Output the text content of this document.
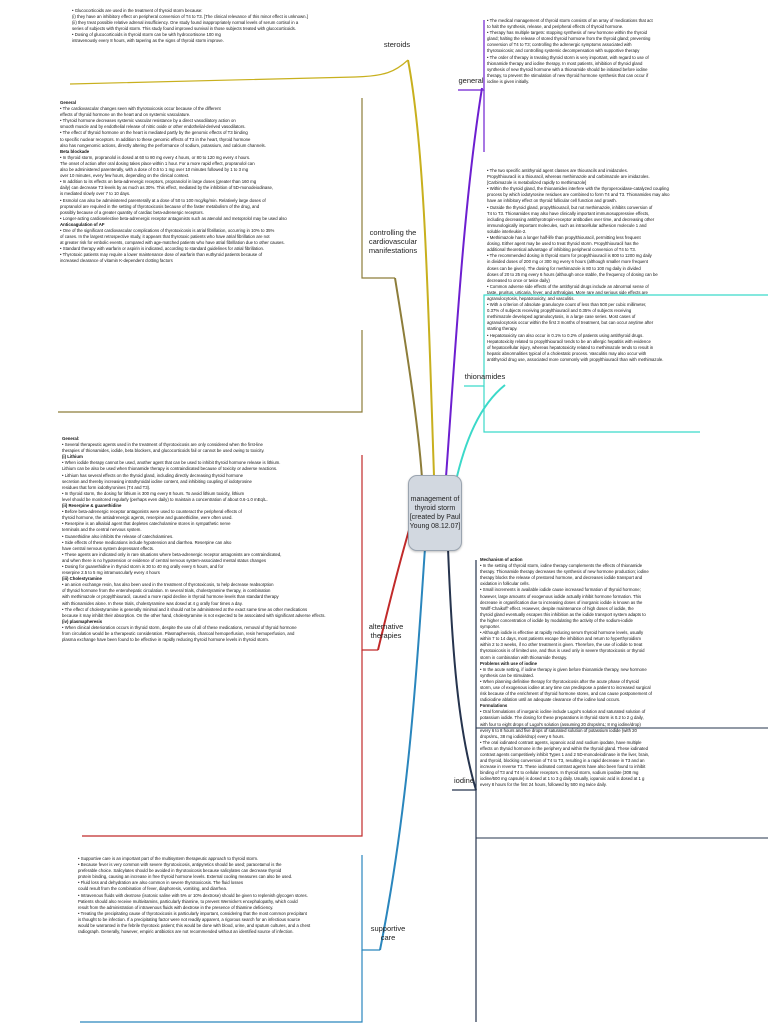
management of thyroid storm [created by Paul Young 08.12.07]
steroids
controlling the cardiovascular manifestations
alternative therapies
supportive care
general
thionamides
iodine

• Glucocorticoids are used in the treatment of thyroid storm because:

(i) they have an inhibitory effect on peripheral conversion of T4 to T3. [The clinical relevance of this minor effect is unknown.]

(ii) they treat possible relative adrenal insufficiency. One study found inappropriately normal levels of serum cortisol in a

series of subjects with thyroid storm. This study found improved survival in those subjects treated with glucocorticoids.

• Dosing of glucocorticoids in thyroid storm can be with hydrocortisone 100 mg

intravenously every 8 hours, with tapering as the signs of thyroid storm improve.

General

• The cardiovascular changes seen with thyrotoxicosis occur because of the different

effects of thyroid hormone on the heart and on systemic vasculature.

• Thyroid hormone decreases systemic vascular resistance by a direct vasodilatory action on

smooth muscle and by endothelial release of nitric oxide or other endothelial-derived vasodilators.

• The effect of thyroid hormone on the heart is mediated partly by the genomic effects of T3 binding

to specific nuclear receptors. In addition to these genomic effects of T3 in the heart, thyroid hormone

also has nongenomic actions, directly altering the performance of sodium, potassium, and calcium channels.

Beta blockade

• In thyroid storm, propranolol is dosed at 60 to 80 mg every 4 hours, or 80 to 120 mg every 4 hours.

The onset of action after oral dosing takes place within 1 hour. For a more rapid effect, propranolol can

also be administered parenterally, with a dose of 0.5 to 1 mg over 10 minutes followed by 1 to 3 mg

over 10 minutes, every few hours, depending on the clinical context.

• In addition to its effects on beta-adrenergic receptors, propranolol in large doses (greater than 160 mg

daily) can decrease T3 levels by as much as 30%. This effect, mediated by the inhibition of 5D-monodeiodinase,

is mediated slowly over 7 to 10 days.

• Esmolol can also be administered parenterally at a dose of 50 to 100 mcg/kg/min. Relatively large doses of

propranolol are required in the setting of thyrotoxicosis because of the faster metabolism of the drug, and

possibly because of a greater quantity of cardiac beta-adrenergic receptors.

• Longer-acting cardioselective beta-adrenergic receptor antagonists such as atenolol and metoprolol may be used also

Anticoagulation of AF

• One of the significant cardiovascular complications of thyrotoxicosis is atrial fibrillation, occurring in 10% to 35%

of cases. In the largest retrospective study, it appears that thyrotoxic patients who have atrial fibrillation are not

at greater risk for embolic events, compared with age-matched patients who have atrial fibrillation due to other causes.

• Standard therapy with warfarin or aspirin is indicated, according to standard guidelines for atrial fibrillation.

• Thyrotoxic patients may require a lower maintenance dose of warfarin than euthyroid patients because of

increased clearance of vitamin K-dependent clotting factors

General:

• Several therapeutic agents used in the treatment of thyrotoxicosis are only considered when the first-line

therapies of thionamides, iodide, beta blockers, and glucocorticoids fail or cannot be used owing to toxicity.

(i) Lithium

• When iodide therapy cannot be used, another agent that can be used to inhibit thyroid hormone release is lithium.

Lithium can be also be used when thionamide therapy is contraindicated because of toxicity or adverse reactions.

• Lithium has several effects on the thyroid gland, including directly decreasing thyroid hormone

secretion and thereby increasing intrathyroidal iodine content, and inhibiting coupling of iodotyrosine

residues that form iodothyronines (T4 and T3).

• In thyroid storm, the dosing for lithium is 300 mg every 8 hours. To avoid lithium toxicity, lithium

level should be monitored regularly (perhaps even daily) to maintain a concentration of about 0.6-1.0 mEq/L.

(ii) Reserpine & guanethidine

• Before beta-adrenergic receptor antagonists were used to counteract the peripheral effects of

thyroid hormone, the antiadrenergic agents, reserpine and guanethidine, were often used.

• Reserpine is an alkaloid agent that depletes catecholamine stores in sympathetic nerve

terminals and the central nervous system.

• Guanethidine also inhibits the release of catecholamines.

• Side effects of these medications include hypotension and diarrhea. Reserpine can also

have central nervous system depressant effects.

• These agents are indicated only in rare situations where beta-adrenergic receptor antagonists are contraindicated,

and when there is no hypotension or evidence of central nervous system-associated mental status changes

• Dosing for guanethidine in thyroid storm is 30 to 40 mg orally every 6 hours, and for

reserpine 2.5 to 5 mg intramuscularly every 4 hours

(iii) Cholestyramine

• an anion exchange resin, has also been used in the treatment of thyrotoxicosis, to help decrease reabsorption

of thyroid hormone from the enterohepatic circulation. In several trials, cholestyramine therapy, in combination

with methimazole or propylthiouracil, caused a more rapid decline in thyroid hormone levels than standard therapy

with thionamides alone. In these trials, cholestyramine was dosed at 4 g orally four times a day.

• The effect of cholestyramine is generally minimal and it should not be administered at the exact same time as other medications

because it may inhibit their absorption. On the other hand, cholestyramine is not expected to be associated with significant adverse effects.

(iv) plasmapheresis

• When clinical deterioration occurs in thyroid storm, despite the use of all of these medications, removal of thyroid hormone

from circulation would be a therapeutic consideration. Plasmapheresis, charcoal hemoperfusion, resin hemoperfusion, and

plasma exchange have been found to be effective in rapidly reducing thyroid hormone levels in thyroid storm.

• Supportive care is an important part of the multisystem therapeutic approach to thyroid storm.

• Because fever is very common with severe thyrotoxicosis, antipyretics should be used; paracetamol is the

preferable choice. Salicylates should be avoided in thyrotoxicosis because salicylates can decrease thyroid

protein binding, causing an increase in free thyroid hormone levels. External cooling measures can also be used.

• Fluid loss and dehydration are also common in severe thyrotoxicosis. The fluid losses

could result from the combination of fever, diaphoresis, vomiting, and diarrhea.

• Intravenous fluids with dextrose (isotonic saline with 5% or 10% dextrose) should be given to replenish glycogen stores.

Patients should also receive multivitamins, particularly thiamine, to prevent Wernicke's encephalopathy, which could

result from the administration of intravenous fluids with dextrose in the presence of thiamine deficiency.

• Treating the precipitating cause of thyrotoxicosis is particularly important, considering that the most common precipitant

is thought to be infection. If a precipitating factor were not readily apparent, a rigorous search for an infectious source

would be warranted in the febrile thyrotoxic patient; this would be done with blood, urine, and sputum cultures, and a chest

radiograph. Generally, however, empiric antibiotics are not recommended without an identified source of infection.

• The medical management of thyroid storm consists of an array of medications that act

to halt the synthesis, release, and peripheral effects of thyroid hormone.

• Therapy has multiple targets: stopping synthesis of new hormone within the thyroid

gland; halting the release of stored thyroid hormone from the thyroid gland; preventing

conversion of T4 to T3; controlling the adrenergic symptoms associated with

thyrotoxicosis; and controlling systemic decompensation with supportive therapy

• The order of therapy in treating thyroid storm is very important, with regard to use of

thionamide therapy and iodine therapy. In most patients, inhibition of thyroid gland

synthesis of new thyroid hormone with a thionamide should be initiated before iodine

therapy, to prevent the stimulation of new thyroid hormone synthesis that can occur if

iodine is given initially.

• The two specific antithyroid agent classes are thiouracils and imidazoles.

Propylthiouracil is a thiouracil, whereas methimazole and carbimazole are imidazoles.

[Carbimazole is metabolized rapidly to methimazole]

• Within the thyroid gland, the thionamides interfere with the thyroperoxidase-catalyzed coupling

process by which iodotyrosine residues are combined to form T4 and T3. Thionamides may also

have an inhibitory effect on thyroid follicular cell function and growth.

• Outside the thyroid gland, propylthiouracil, but not methimazole, inhibits conversion of

T4 to T3. Thionamides may also have clinically important immunosuppressive effects,

including decreasing antithyrotropin-receptor antibodies over time, and decreasing other

immunologically important molecules, such as intracellular adhesion molecule 1 and

soluble interleukin-2.

• Methimazole has a longer half-life than propylthiouracil, permitting less frequent

dosing. Either agent may be used to treat thyroid storm. Propylthiouracil has the

additional theoretical advantage of inhibiting peripheral conversion of T4 to T3.

• The recommended dosing in thyroid storm for propylthiouracil is 800 to 1200 mg daily

in divided doses of 200 mg or 300 mg every 6 hours (although smaller more frequent

doses can be given). The dosing for methimazole is 80 to 100 mg daily in divided

doses of 20 to 25 mg every 6 hours (although once stable, the frequency of dosing can be

decreased to once or twice daily)

• Common adverse side effects of the antithyroid drugs include an abnormal sense of

taste, pruritus, urticaria, fever, and arthralgias. More rare and serious side effects are

agranulocytosis, hepatotoxicity, and vasculitis.

• With a criterion of absolute granulocyte count of less than 500 per cubic millimeter,

0.37% of subjects receiving propylthiouracil and 0.35% of subjects receiving

methimazole developed agranulocytosis, in a large case series. Most cases of

agranulocytosis occur within the first 3 months of treatment, but can occur anytime after

starting therapy.

• Hepatotoxicity can also occur in 0.1% to 0.2% of patients using antithyroid drugs.

Hepatotoxicity related to propylthiouracil tends to be an allergic hepatitis with evidence

of hepatocellular injury, whereas hepatotoxicity related to methimazole tends to result in

hepatic abnormalities typical of a cholestatic process. Vasculitis may also occur with

antithyroid drug use, associated more commonly with propylthiouracil than with methimazole.

Mechanism of action

• In the setting of thyroid storm, iodine therapy complements the effects of thionamide

therapy. Thionamide therapy decreases the synthesis of new hormone production; iodine

therapy blocks the release of prestored hormone, and decreases iodide transport and

oxidation in follicular cells.

• Small increments in available iodide cause increased formation of thyroid hormone;

however, large amounts of exogenous iodide actually inhibit hormone formation. This

decrease in organification due to increasing doses of inorganic iodide is known as the

'Wolff-Chaikoff' effect. However, despite maintenance of high doses of iodide, the

thyroid gland eventually escapes this inhibition as the iodide transport system adapts to

the higher concentration of iodide by modulating the activity of the sodium-iodide

symporter.

• Although iodide is effective at rapidly reducing serum thyroid hormone levels, usually

within 7 to 14 days, most patients escape the inhibition and return to hyperthyroidism

within 2 to 3 weeks, if no other treatment is given. Therefore, the use of iodide to treat

thyrotoxicosis is of limited use, and thus is used only in severe thyrotoxicosis or thyroid

storm in combination with thionamide therapy.

Problems with use of iodine

• In the acute setting, if iodine therapy is given before thionamide therapy, new hormone

synthesis can be stimulated.

• When planning definitive therapy for thyrotoxicosis after the acute phase of thyroid

storm, use of exogenous iodine at any time can predispose a patient to increased surgical

risk because of the enrichment of thyroid hormone stores, and can cause postponement of

radioiodine ablation until an adequate clearance of the iodine load occurs.

Formulations

• Oral formulations of inorganic iodine include Lugol's solution and saturated solution of

potassium iodide. The dosing for these preparations in thyroid storm is 0.2 to 2 g daily,

with four to eight drops of Lugol's solution (assuming 20 drops/mL; 8 mg iodine/drop)

every 6 to 8 hours and five drops of saturated solution of potassium iodide (with 20

drops/mL, 38 mg iodide/drop) every 6 hours.

• The oral iodinated contrast agents, iopanoic acid and sodium ipodate, have multiple

effects on thyroid hormone in the periphery and within the thyroid gland. These iodinated

contrast agents competitively inhibit Types 1 and 2 5D-monodeiodinase in the liver, brain,

and thyroid, blocking conversion of T4 to T3, resulting in a rapid decrease in T3 and an

increase in reverse T3. These iodinated contrast agents have also been found to inhibit

binding of T3 and T4 to cellular receptors. In thyroid storm, sodium ipodate (308 mg

iodine/500 mg capsule) is dosed at 1 to 3 g daily. Usually, iopanoic acid is dosed at 1 g

every 8 hours for the first 24 hours, followed by 500 mg twice daily.
